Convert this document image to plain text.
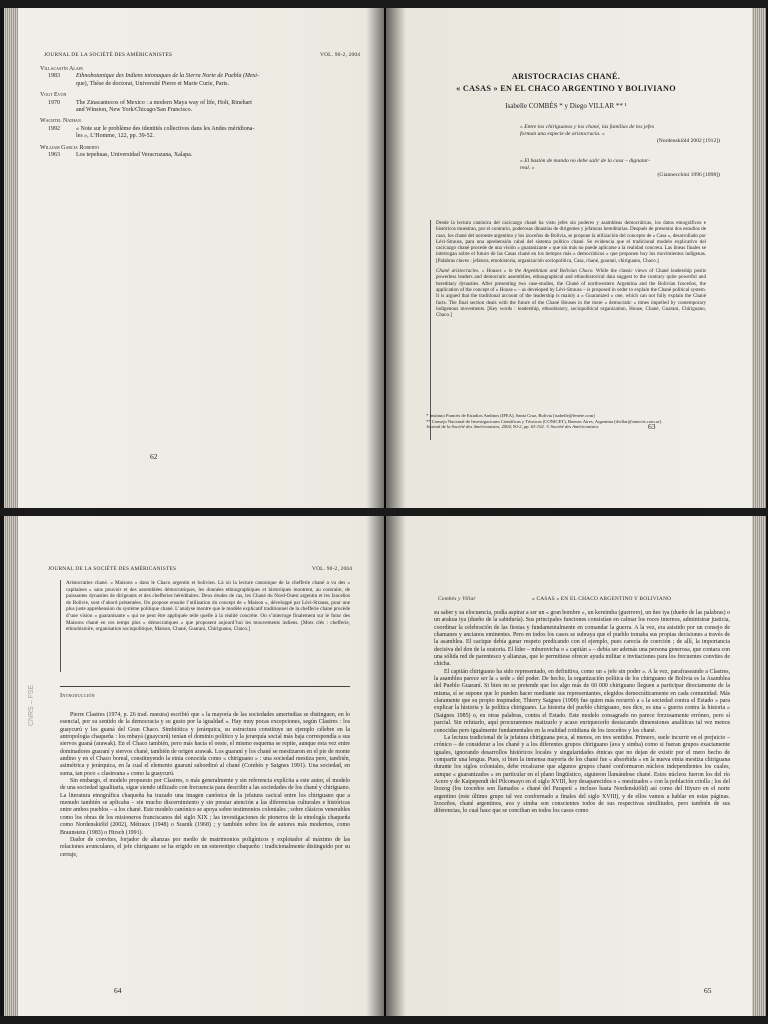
JOURNAL DE LA SOCIÉTÉ DES AMÉRICANISTES	VOL. 90-2, 2004
Villacastín Alain
1983	Ethnobotanique des Indiens totonaques de la Sierra Norte de Puebla (Mexi-
que), Thèse de doctorat, Université Pierre et Marie Curie, Paris.
Vogt Evon
1970	The Zinacantecos of Mexico : a modern Maya way of life, Holt, Rinehart
and Winston, New York/Chicago/San Francisco.
Wachtel Nathan
1992	« Note sur le problème des identités collectives dans les Andes méridiona-
les », L’Homme, 122, pp. 39-52.
William Garcia Roberto
1963	Los tepehuas, Universidad Veracruzana, Xalapa.
62
ARISTOCRACIAS CHANÉ.
« CASAS » EN EL CHACO ARGENTINO Y BOLIVIANO
Isabelle COMBÈS * y Diego VILLAR ** ¹
« Entre los chiriguanos y los chané, las familias de los jefes
forman una especie de aristocracia. »
(Nordenskiöld 2002 [1912])
« El bastón de mando no debe salir de la casa – dignatar-
real. »
(Giannecchini 1996 [1898])

Desde la lectura canónica del cacicazgo chané ha visto jefes sin poderes y asambleas democráticas, los datos etnográficos e históricos muestran, por el contrario, poderosas dinastías de dirigentes y jefaturas hereditarias. Después de presentar dos estudios de caso, los chané del noroeste argentino y los izoceños de Bolivia, se propone la utilización del concepto de « Casa », desarrollado por Lévi-Strauss, para una aprehensión cabal del sistema político chané. Se evidencia que el tradicional modelo explicativo del cacicazgo chané procede de una visión « guaranizante » que sin más no puede aplicarse a la realidad concreta. Las líneas finales se interrogan sobre el futuro de las Casas chané en los tiempos más « democráticos » que proponen hoy los movimientos indígenas. [Palabras claves : jefatura, etnohistoria, organización sociopolítica, Casa, chané, guaraní, chiriguano, Chaco.]

Chané aristocracies. « Houses » in the Argentinian and Bolivian Chaco. While the classic views of Chané leadership posits powerless leaders and democratic assemblies, ethnographical and ethnohistorical data suggest to the contrary quite powerful and hereditary dynasties. After presenting two case-studies, the Chané of northwestern Argentina and the Bolivian Izoceños, the application of the concept of « House » – as developed by Lévi-Strauss – is proposed in order to explain the Chané political system. It is argued that the traditional account of the leadership is mainly a « Guaranized » one, which can not fully explain the Chané facts. The final section deals with the future of the Chané Houses in the more « democratic » times impelled by contemporary indigenous movements. [Key words : leadership, ethnohistory, sociopolitical organization, House, Chané, Guarani, Chiriguano, Chaco.]

* Instituto Francés de Estudios Andinos (IFEA), Santa Cruz, Bolivia [isabelle@fenete.com]
** Consejo Nacional de Investigaciones Científicas y Técnicas (CONICET), Buenos Aires, Argentina [dvillar@sinectis.com.ar].
Journal de la Société des Américanistes, 2004, 90-2, pp. 63-102. © Société des Américanistes.	63
JOURNAL DE LA SOCIÉTÉ DES AMÉRICANISTES	VOL. 90-2, 2004
Aristocraties chané. « Maisons » dans le Chaco argentin et bolivien. Là où la lecture canonique de la chefferie chané a vu des « capitaines » sans pouvoir et des assemblées démocratiques, les données ethnographiques et historiques montrent, au contraire, de puissantes dynasties de dirigeants et des chefferies héréditaires. Deux études de cas, les Chané du Nord-Ouest argentin et les Izoceños de Bolivie, sont d’abord présentées. On propose ensuite l’utilisation du concept de « Maison », développé par Lévi-Strauss, pour une plus juste appréhension du système politique chané. L’analyse montre que le modèle explicatif traditionnel de la chefferie chané procède d’une vision « guaranisante » qui ne peut être appliquée telle quelle à la réalité concrète. On s’interroge finalement sur le futur des Maisons chané en ces temps plus « démocratiques » que proposent aujourd’hui les mouvements indiens. [Mots clés : chefferie, ethnohistoire, organisation sociopolitique, Maison, Chané, Guarani, Chiriguano, Chaco.]
Introducción

Pierre Clastres (1974, p. 26 trad. nuestra) escribió que « la mayoría de las sociedades amerindias se distinguen, en lo esencial, por su sentido de la democracia y su gusto por la igualdad ». Hay muy pocas excepciones, según Clastres : los guaycurú y los guaná del Gran Chaco. Simbiótica y jerárquica, su estructura constituye un ejemplo célebre en la antropología chaqueña : los mbayá (guaycurú) tenían el dominio político y la jerarquía social más baja correspondía a sus siervos guaná (arawak). En el Chaco también, pero más hacia el oeste, el mismo esquema se repite, aunque esta vez entre dominadores guaraní y siervos chané, también de origen arawak. Los guaraní y los chané se mestizaron en el pie de monte andino y en el Chaco boreal, constituyendo la etnia conocida como « chiriguano » : una sociedad mestiza pero, también, asimétrica y jerárquica, en la cual el elemento guaraní subordinó al chané (Combès y Saignes 1991). Una sociedad, en suma, tan poco « clastreana » como la guaycurú.

Sin embargo, el modelo propuesto por Clastres, o más generalmente y sin referencia explícita a este autor, el modelo de una sociedad igualitaria, sigue siendo utilizado con frecuencia para describir a las sociedades de los chané y chiriguano. La literatura etnográfica chaqueña ha trazado una imagen canónica de la jefatura cacical entre los chiriguano que a menudo también se aplicaba – sin mucho discernimiento y sin prestar atención a las diferencias culturales e históricas entre ambos pueblos – a los chané. Este modelo canónico se apoya sobre testimonios coloniales ; sobre clásicos venerables como los obras de los misioneros franciscanos del siglo XIX ; las investigaciones de pioneros de la etnología chaqueña como Nordenskiöld (2002), Métraux (1948) o Susnik (1968) ; y también sobre los de autores más modernos, como Braunstein (1983) o Hirsch (1991).

Dador de convites, forjador de alianzas por medio de matrimonios poligínicos y explotador al máximo de las relaciones avunculares, el jefe chiriguano se ha erigido en un estereotipo chaqueño : tradicionalmente distinguido por su cerraje,

64
CNRS – FSE
Combès y Villar	« CASAS » EN EL CHACO ARGENTINO Y BOLIVIANO

su saber y su elocuencia, podía aspirar a ser un « gran hombre », un kereimba (guerrero), un ñee iya (dueño de las palabras) o un arakua iya (dueño de la sabiduría). Sus principales funciones consistían en calmar los roces internos, administrar justicia, coordinar la celebración de las fiestas y fundamentalmente en comandar la guerra. A la vez, era asistido por un consejo de chamanes y ancianos eminentes. Pero en todos los casos se subraya que el pueblo tomaba sus propias decisiones a través de la asamblea. El cacique debía ganar respeto predicando con el ejemplo, pues carecía de coerción ; de allí, la importancia decisiva del don de la oratoria. El líder – mburuvicha o « capitán » – debía ser además una persona generosa, que contara con una sólida red de parentesco y alianzas, que le permitiese ofrecer ayuda militar e invitaciones para los frecuentes convites de chicha.

El capitán chiriguano ha sido representado, en definitiva, como un « jefe sin poder ». A la vez, parafraseando a Clastres, la asamblea parece ser la « sede » del poder. De hecho, la organización política de los chiriguano de Bolivia es la Asamblea del Pueblo Guaraní. Si bien no se pretende que los algo más de 60 000 chiriguano lleguen a participar directamente de la misma, sí se supone que lo pueden hacer mediante sus representantes, elegidos democráticamente en cada comunidad. Más claramente que su propio inspirador, Thierry Saignes (1990) fue quien más recurrió a « la sociedad contra el Estado » para explicar la historia y la política chiriguano. La historia del pueblo chiriguano, nos dice, es una « guerra contra la historia » (Saignes 1985) o, en otras palabras, contra el Estado. Este modelo consagrado no parece forzosamente erróneo, pero sí parcial. Sin refutarlo, aquí procuraremos matizarlo y acaso enriquecerlo destacando dimensiones analíticas tal vez menos conocidas pero igualmente fundamentales en la realidad cotidiana de los izoceños y los chané.

La lectura tradicional de la jefatura chiriguana peca, al menos, en tres sentidos. Primero, suele incurrir en el prejuicio – crónico – de considerar a los chané y a los diferentes grupos chiriguano (ava y simba) como si fueran grupos exactamente iguales, ignorando desarrollos históricos locales y singularidades étnicas que no dejan de existir por el mero hecho de compartir una lengua. Pues, si bien la inmensa mayoría de los chané fue « absorbida » en la nueva etnia mestiza chiriguana durante los siglos coloniales, debe recalcarse que algunos grupos chané conformaron núcleos independientes los cuales, aunque « guaranizados » en particular en el plano lingüístico, siguieron llamándose chané. Estos núcleos fueron los del río Acero y de Kaipependi del Pilcomayo en el siglo XVIII, hoy desaparecidos o « mestizados » con la población criolla ; los del Izozog (los izoceños son llamados « chané del Parapetí » incluso hasta Nordenskiöld) así como del Itiyuro en el norte argentino (este último grupo tal vez conformado a finales del siglo XVIII), y de ellos vamos a hablar en estas páginas. Izoceños, chané argentinos, ava y simba son conscientes todos de sus respectivas similitudes, pero también de sus diferencias, lo cual hace que se conciban en todos los casos como

65
